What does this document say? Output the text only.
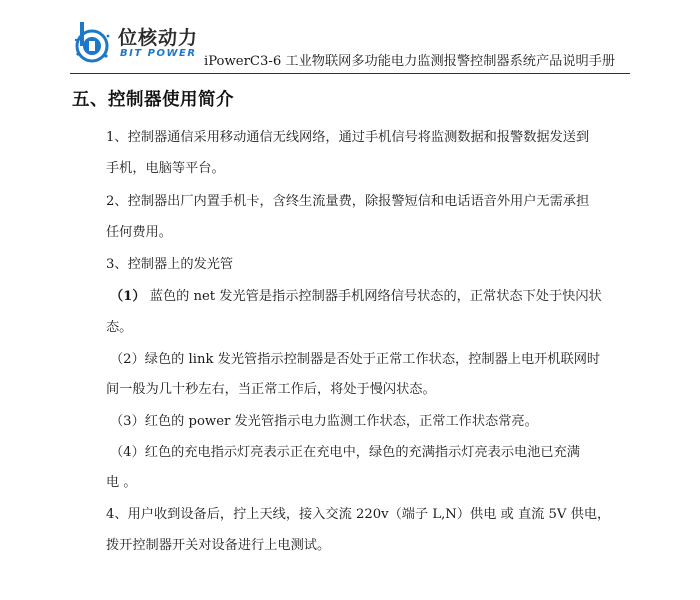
位核动力
BIT POWER
iPowerC3-6 工业物联网多功能电力监测报警控制器系统产品说明手册
五、控制器使用简介
1、控制器通信采用移动通信无线网络，通过手机信号将监测数据和报警数据发送到
手机，电脑等平台。
2、控制器出厂内置手机卡，含终生流量费，除报警短信和电话语音外用户无需承担
任何费用。
3、控制器上的发光管
（1） 蓝色的 net 发光管是指示控制器手机网络信号状态的，正常状态下处于快闪状
态。
（2）绿色的 link 发光管指示控制器是否处于正常工作状态，控制器上电开机联网时
间一般为几十秒左右，当正常工作后，将处于慢闪状态。
（3）红色的 power 发光管指示电力监测工作状态，正常工作状态常亮。
（4）红色的充电指示灯亮表示正在充电中，绿色的充满指示灯亮表示电池已充满
电 。
4、用户收到设备后，拧上天线，接入交流 220v（端子 L,N）供电 或 直流 5V 供电，
拨开控制器开关对设备进行上电测试。
